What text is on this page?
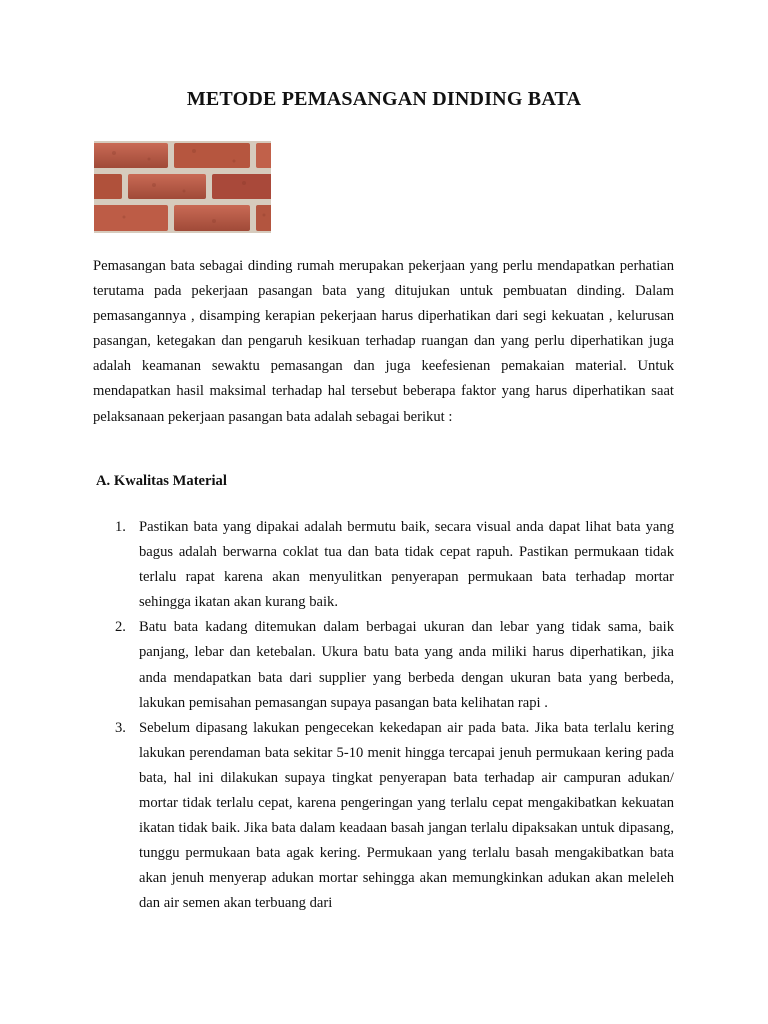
METODE PEMASANGAN DINDING BATA

Pemasangan bata sebagai dinding rumah merupakan pekerjaan yang perlu mendapatkan perhatian terutama pada pekerjaan pasangan bata yang ditujukan untuk pembuatan dinding. Dalam pemasangannya , disamping kerapian pekerjaan harus diperhatikan dari segi kekuatan , kelurusan pasangan, ketegakan dan pengaruh kesikuan terhadap ruangan dan yang perlu diperhatikan juga adalah keamanan sewaktu pemasangan dan juga keefesienan pemakaian material. Untuk mendapatkan hasil maksimal terhadap hal tersebut beberapa faktor yang harus diperhatikan saat pelaksanaan pekerjaan pasangan bata adalah sebagai berikut :

A. Kwalitas Material

1. Pastikan bata yang dipakai adalah bermutu baik, secara visual anda dapat lihat bata yang bagus adalah berwarna coklat tua dan bata tidak cepat rapuh. Pastikan permukaan tidak terlalu rapat karena akan menyulitkan penyerapan permukaan bata terhadap mortar sehingga ikatan akan kurang baik.
2. Batu bata kadang ditemukan dalam berbagai ukuran dan lebar yang tidak sama, baik panjang, lebar dan ketebalan. Ukura batu bata yang anda miliki harus diperhatikan, jika anda mendapatkan bata dari supplier yang berbeda dengan ukuran bata yang berbeda, lakukan pemisahan pemasangan supaya pasangan bata kelihatan rapi .
3. Sebelum dipasang lakukan pengecekan kekedapan air pada bata. Jika bata terlalu kering lakukan perendaman bata sekitar 5-10 menit hingga tercapai jenuh permukaan kering pada bata, hal ini dilakukan supaya tingkat penyerapan bata terhadap air campuran adukan/ mortar tidak terlalu cepat, karena pengeringan yang terlalu cepat mengakibatkan kekuatan ikatan tidak baik. Jika bata dalam keadaan basah jangan terlalu dipaksakan untuk dipasang, tunggu permukaan bata agak kering. Permukaan yang terlalu basah mengakibatkan bata akan jenuh menyerap adukan mortar sehingga akan memungkinkan adukan akan meleleh dan air semen akan terbuang dari
